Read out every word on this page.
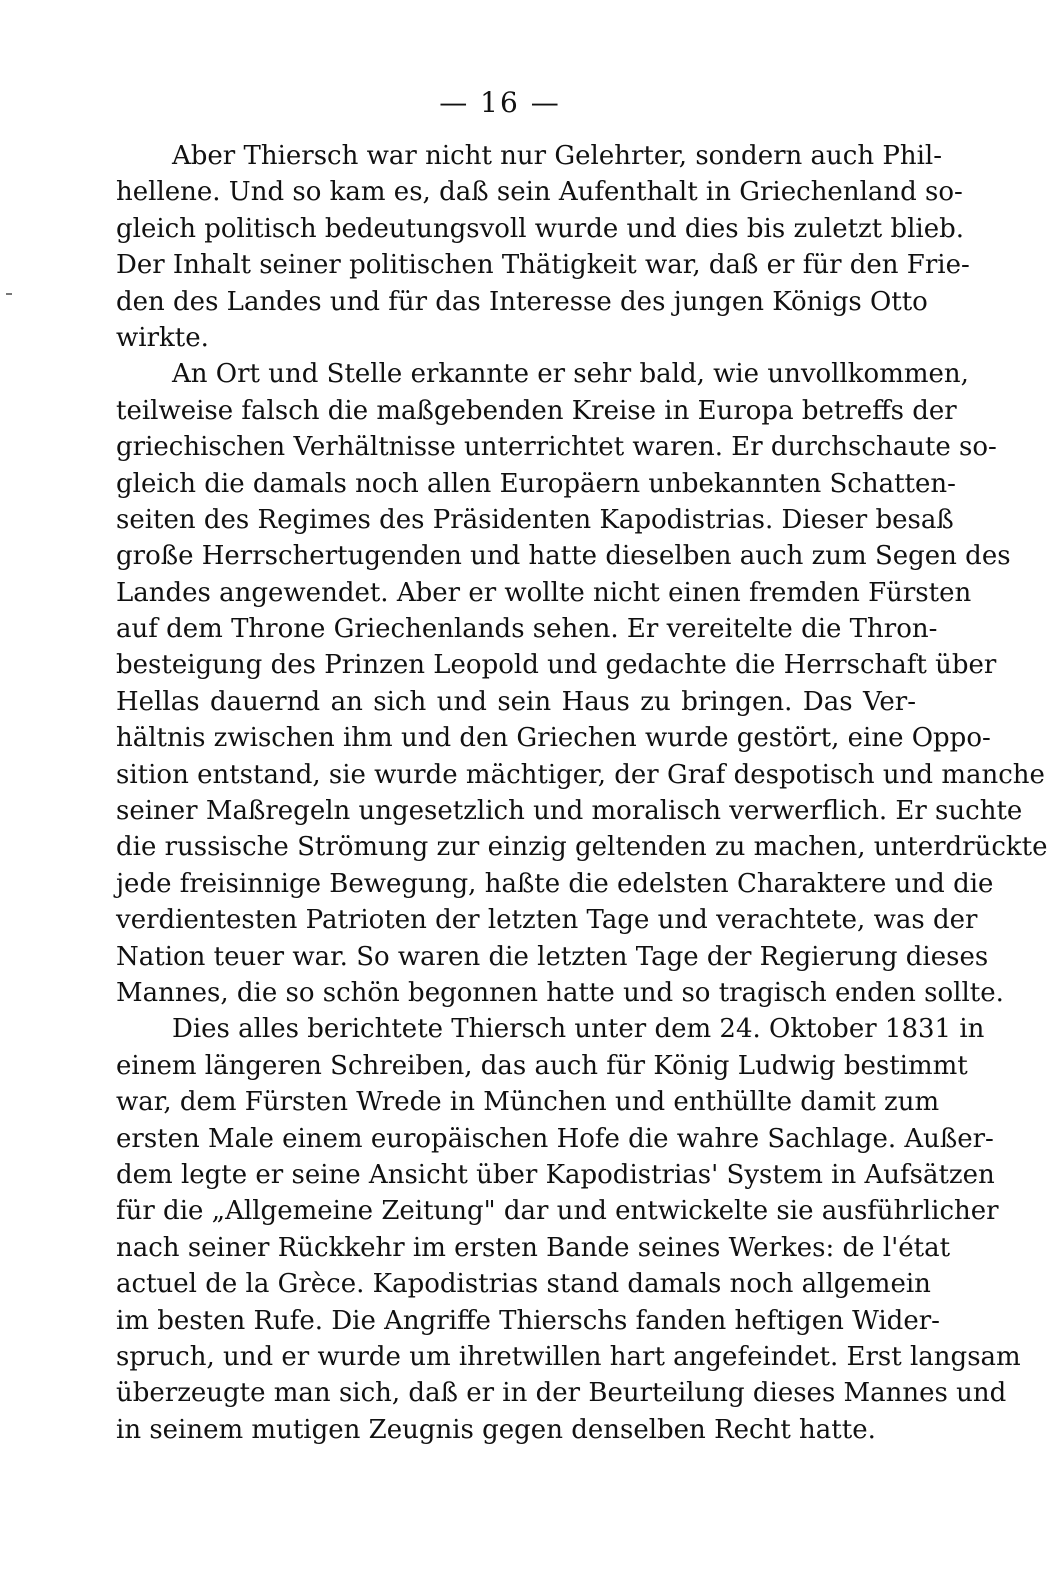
— 16 —
Aber Thiersch war nicht nur Gelehrter, sondern auch Phil-
hellene. Und so kam es, daß sein Aufenthalt in Griechenland so-
gleich politisch bedeutungsvoll wurde und dies bis zuletzt blieb.
Der Inhalt seiner politischen Thätigkeit war, daß er für den Frie-
den des Landes und für das Interesse des jungen Königs Otto
wirkte.
An Ort und Stelle erkannte er sehr bald, wie unvollkommen,
teilweise falsch die maßgebenden Kreise in Europa betreffs der
griechischen Verhältnisse unterrichtet waren. Er durchschaute so-
gleich die damals noch allen Europäern unbekannten Schatten-
seiten des Regimes des Präsidenten Kapodistrias. Dieser besaß
große Herrschertugenden und hatte dieselben auch zum Segen des
Landes angewendet. Aber er wollte nicht einen fremden Fürsten
auf dem Throne Griechenlands sehen. Er vereitelte die Thron-
besteigung des Prinzen Leopold und gedachte die Herrschaft über
Hellas dauernd an sich und sein Haus zu bringen. Das Ver-
hältnis zwischen ihm und den Griechen wurde gestört, eine Oppo-
sition entstand, sie wurde mächtiger, der Graf despotisch und manche
seiner Maßregeln ungesetzlich und moralisch verwerflich. Er suchte
die russische Strömung zur einzig geltenden zu machen, unterdrückte
jede freisinnige Bewegung, haßte die edelsten Charaktere und die
verdientesten Patrioten der letzten Tage und verachtete, was der
Nation teuer war. So waren die letzten Tage der Regierung dieses
Mannes, die so schön begonnen hatte und so tragisch enden sollte.
Dies alles berichtete Thiersch unter dem 24. Oktober 1831 in
einem längeren Schreiben, das auch für König Ludwig bestimmt
war, dem Fürsten Wrede in München und enthüllte damit zum
ersten Male einem europäischen Hofe die wahre Sachlage. Außer-
dem legte er seine Ansicht über Kapodistrias' System in Aufsätzen
für die „Allgemeine Zeitung" dar und entwickelte sie ausführlicher
nach seiner Rückkehr im ersten Bande seines Werkes: de l'état
actuel de la Grèce. Kapodistrias stand damals noch allgemein
im besten Rufe. Die Angriffe Thierschs fanden heftigen Wider-
spruch, und er wurde um ihretwillen hart angefeindet. Erst langsam
überzeugte man sich, daß er in der Beurteilung dieses Mannes und
in seinem mutigen Zeugnis gegen denselben Recht hatte.
